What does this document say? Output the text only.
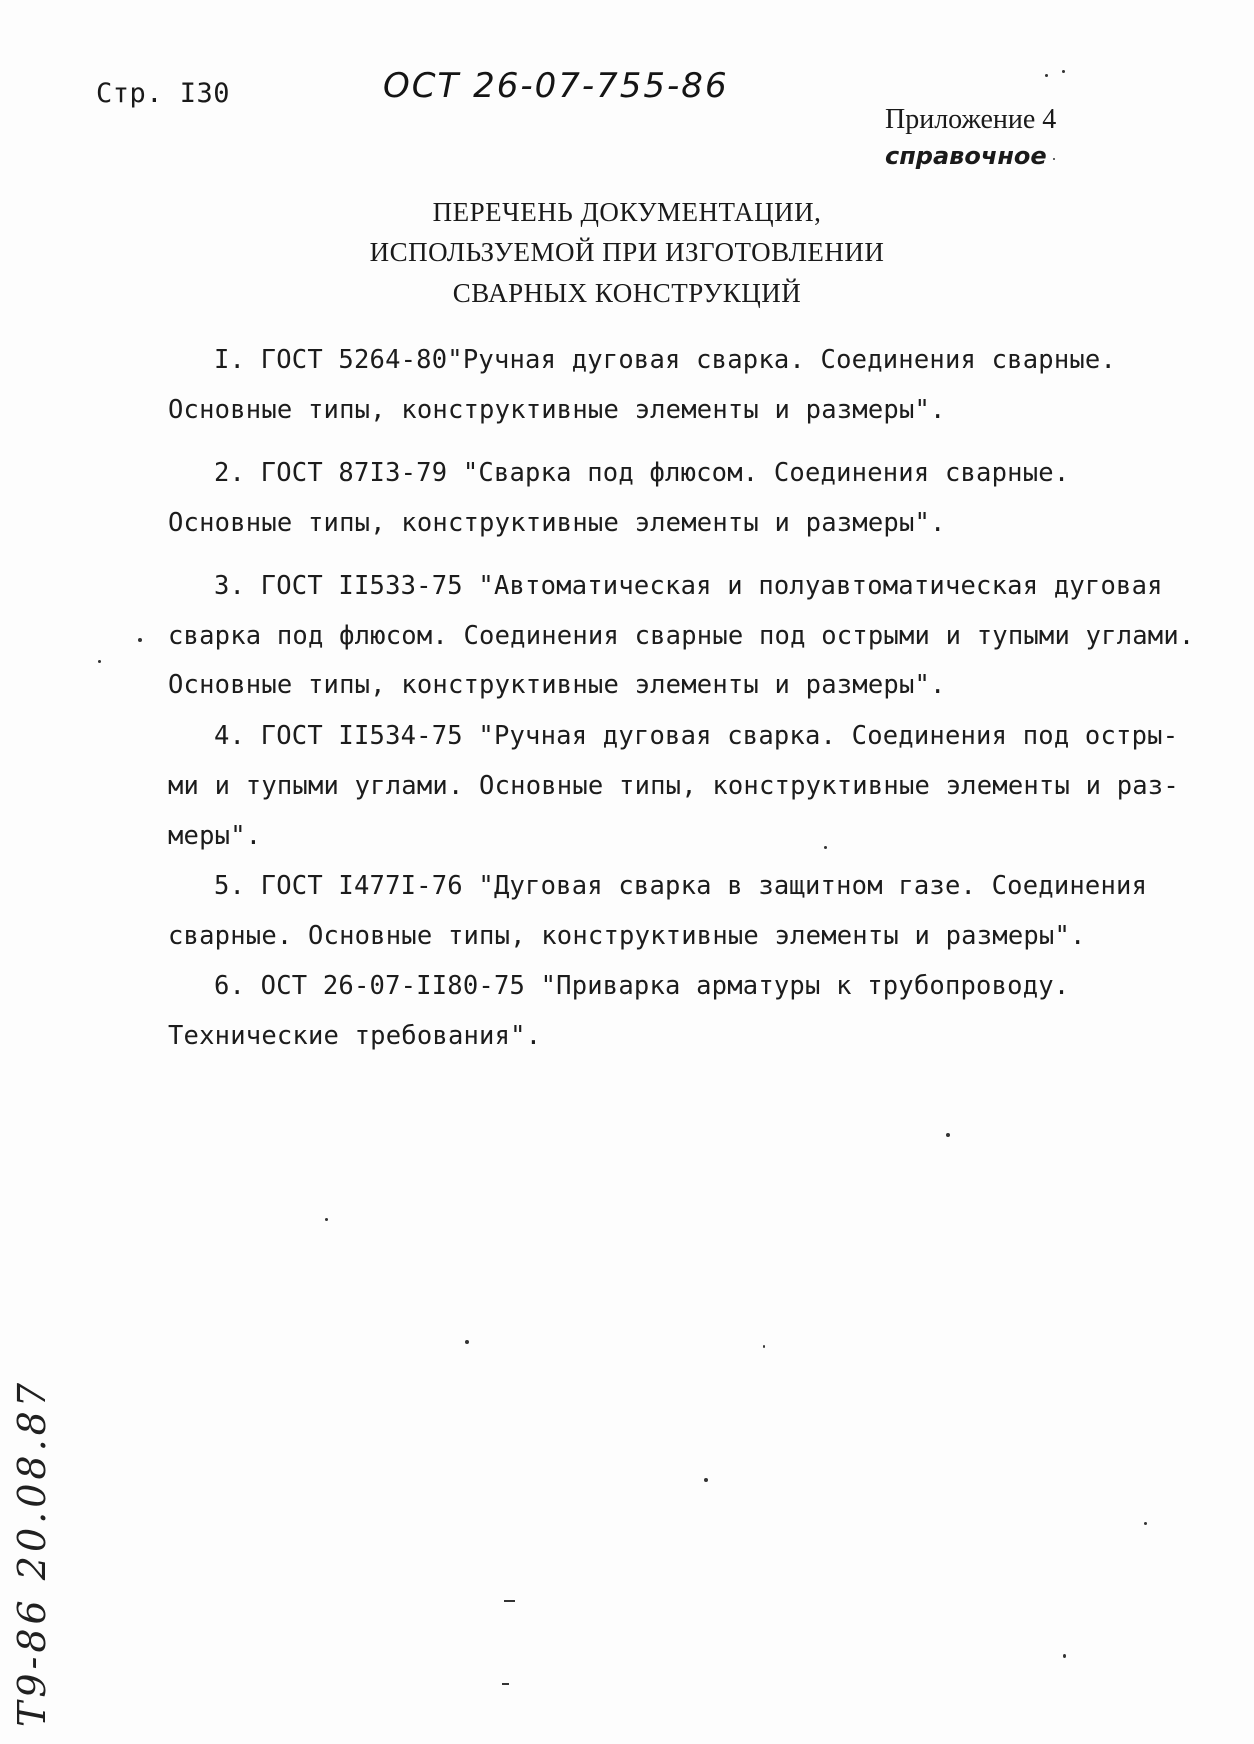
Стр. I30	ОСТ 26-07-755-86
Приложение 4
справочное
ПЕРЕЧЕНЬ ДОКУМЕНТАЦИИ,
ИСПОЛЬЗУЕМОЙ ПРИ ИЗГОТОВЛЕНИИ
СВАРНЫХ КОНСТРУКЦИЙ
I. ГОСТ 5264-80"Ручная дуговая сварка. Соединения сварные.
Основные типы, конструктивные элементы и размеры".
2. ГОСТ 87I3-79 "Сварка под флюсом. Соединения сварные.
Основные типы, конструктивные элементы и размеры".
3. ГОСТ II533-75 "Автоматическая и полуавтоматическая дуговая
сварка под флюсом. Соединения сварные под острыми и тупыми углами.
Основные типы, конструктивные элементы и размеры".
4. ГОСТ II534-75 "Ручная дуговая сварка. Соединения под остры-
ми и тупыми углами. Основные типы, конструктивные элементы и раз-
меры".
5. ГОСТ I477I-76 "Дуговая сварка в защитном газе. Соединения
сварные. Основные типы, конструктивные элементы и размеры".
6. ОСТ 26-07-II80-75 "Приварка арматуры к трубопроводу.
Технические требования".
Т9-86 20.08.87
